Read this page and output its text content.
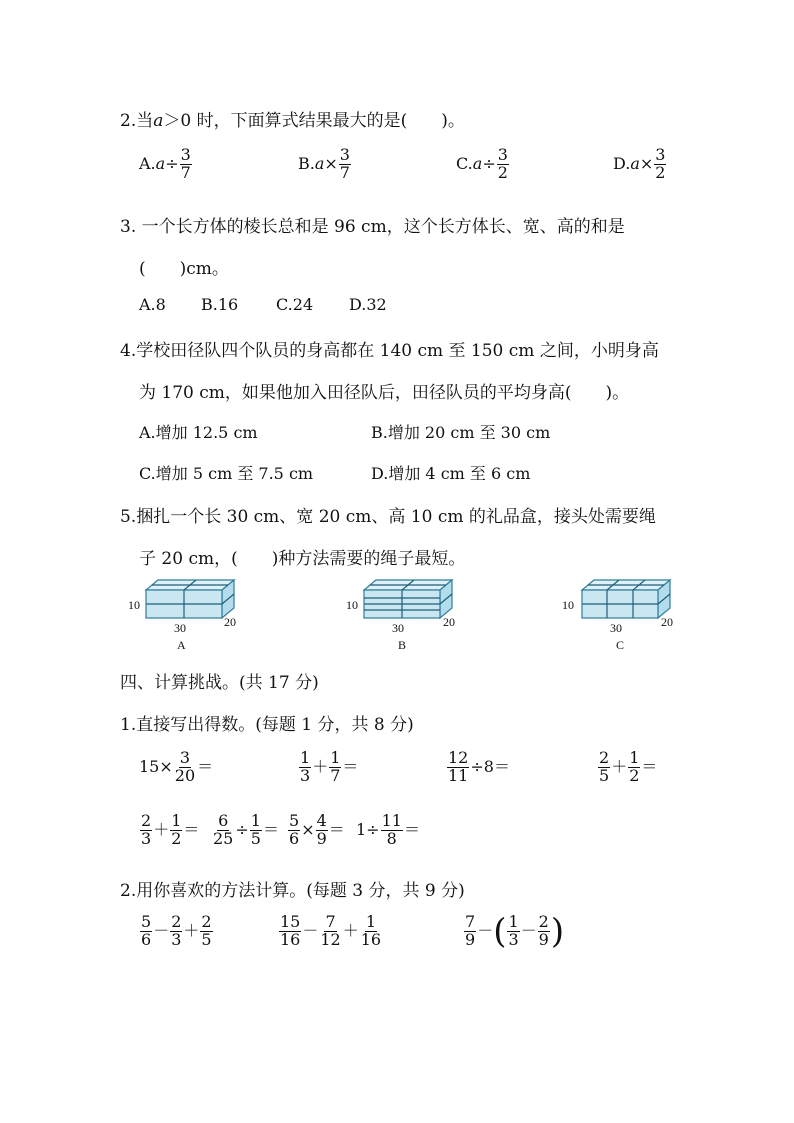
2.当a＞0 时，下面算式结果最大的是(　　)。
$A.a\div \frac{3}{7}$	$B.a\times \frac{3}{7}$	$C.a\div \frac{3}{2}$	$D.a\times \frac{3}{2}$
3. 一个长方体的棱长总和是 96 cm，这个长方体长、宽、高的和是
(　　)cm。
A.8 B.16 C.24 D.32
4.学校田径队四个队员的身高都在 140 cm 至 150 cm 之间，小明身高
为 170 cm，如果他加入田径队后，田径队员的平均身高(　　)。
A.增加 12.5 cm	B.增加 20 cm 至 30 cm
C.增加 5 cm 至 7.5 cm	D.增加 4 cm 至 6 cm
5.捆扎一个长 30 cm、宽 20 cm、高 10 cm 的礼品盒，接头处需要绳
子 20 cm，(　　)种方法需要的绳子最短。
10
30	20
A
10
30	20
B
10
30	20
C
四、计算挑战。(共 17 分)
1.直接写出得数。(每题 1 分，共 8 分)
$15\times \frac{3}{20}$ ＝	$\frac{1}{3} + \frac{1}{7}$ ＝	$\frac{12}{11} \div 8=$	$\frac{2}{5} + \frac{1}{2}$ ＝
$\frac{2}{3} + \frac{1}{2} = \frac{6}{25} \div \frac{1}{5} = \frac{5}{6} \times \frac{4}{9} = 1\div \frac{11}{8}$ ＝
2.用你喜欢的方法计算。(每题 3 分，共 9 分)
$\frac{5}{6} - \frac{2}{3} + \frac{2}{5}$	$\frac{15}{16} - \frac{7}{12} + \frac{1}{16}$	$\frac{7}{9}$ －( $\frac{1}{3} - \frac{2}{9}$ )
